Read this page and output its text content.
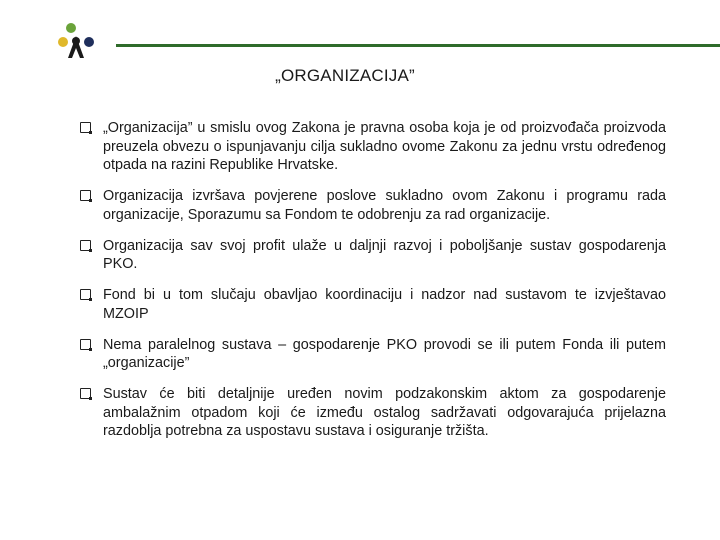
„ORGANIZACIJA”
„Organizacija” u smislu ovog Zakona je pravna osoba koja je od proizvođača proizvoda preuzela obvezu o ispunjavanju cilja sukladno ovome Zakonu za jednu vrstu određenog otpada na razini Republike Hrvatske.
Organizacija izvršava povjerene poslove sukladno ovom Zakonu i programu rada organizacije, Sporazumu sa Fondom te odobrenju za rad organizacije.
Organizacija sav svoj profit ulaže u daljnji razvoj i poboljšanje sustav gospodarenja PKO.
Fond bi u tom slučaju obavljao koordinaciju i nadzor nad sustavom te izvještavao MZOIP
Nema paralelnog sustava – gospodarenje PKO provodi se ili putem Fonda ili putem „organizacije”
Sustav će biti detaljnije uređen novim podzakonskim aktom za gospodarenje ambalažnim otpadom koji će između ostalog sadržavati odgovarajuća prijelazna razdoblja potrebna za uspostavu sustava i osiguranje tržišta.
